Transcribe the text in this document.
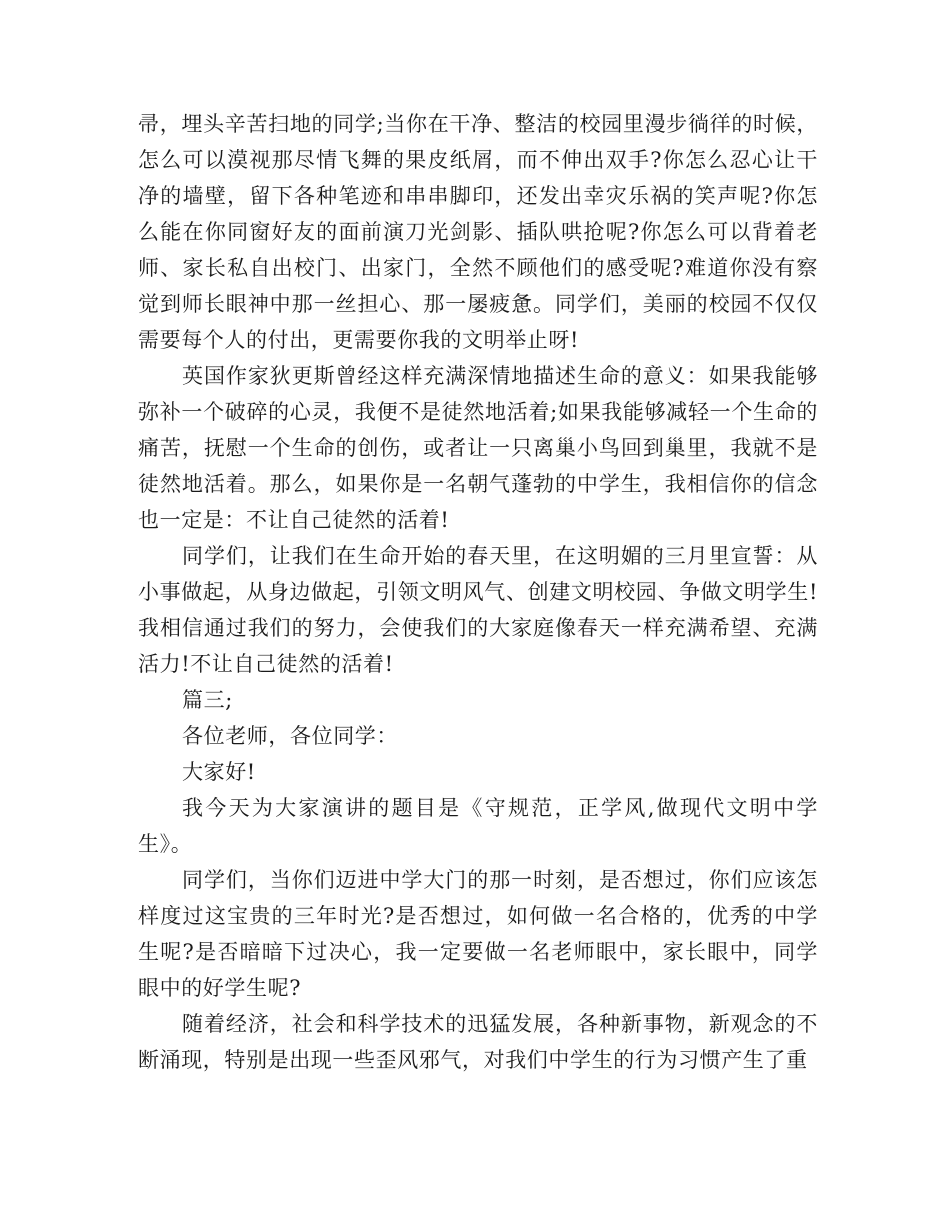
帚，埋头辛苦扫地的同学;当你在干净、整洁的校园里漫步徜徉的时候，怎么可以漠视那尽情飞舞的果皮纸屑，而不伸出双手?你怎么忍心让干净的墙壁，留下各种笔迹和串串脚印，还发出幸灾乐祸的笑声呢?你怎么能在你同窗好友的面前演刀光剑影、插队哄抢呢?你怎么可以背着老师、家长私自出校门、出家门，全然不顾他们的感受呢?难道你没有察觉到师长眼神中那一丝担心、那一屡疲惫。同学们，美丽的校园不仅仅需要每个人的付出，更需要你我的文明举止呀!

英国作家狄更斯曾经这样充满深情地描述生命的意义：如果我能够弥补一个破碎的心灵，我便不是徒然地活着;如果我能够减轻一个生命的痛苦，抚慰一个生命的创伤，或者让一只离巢小鸟回到巢里，我就不是徒然地活着。那么，如果你是一名朝气蓬勃的中学生，我相信你的信念也一定是：不让自己徒然的活着!

同学们，让我们在生命开始的春天里，在这明媚的三月里宣誓：从小事做起，从身边做起，引领文明风气、创建文明校园、争做文明学生!我相信通过我们的努力，会使我们的大家庭像春天一样充满希望、充满活力!不让自己徒然的活着!

篇三;

各位老师，各位同学：

大家好!

我今天为大家演讲的题目是《守规范，正学风,做现代文明中学生》。

同学们，当你们迈进中学大门的那一时刻，是否想过，你们应该怎样度过这宝贵的三年时光?是否想过，如何做一名合格的，优秀的中学生呢?是否暗暗下过决心，我一定要做一名老师眼中，家长眼中，同学眼中的好学生呢?

随着经济，社会和科学技术的迅猛发展，各种新事物，新观念的不断涌现，特别是出现一些歪风邪气，对我们中学生的行为习惯产生了重
